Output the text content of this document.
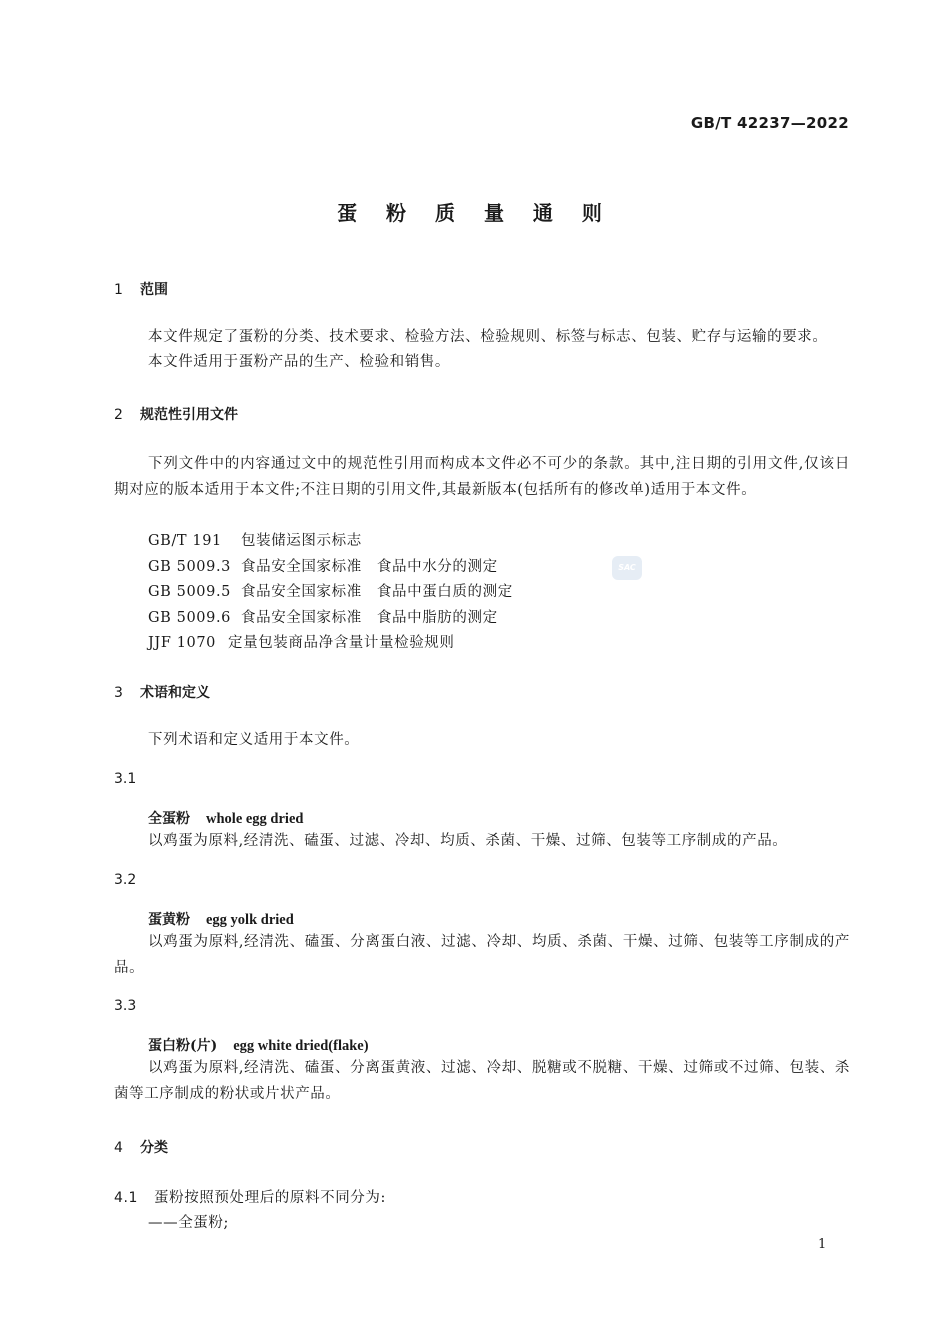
GB/T 42237—2022
蛋 粉 质 量 通 则
1 范围
本文件规定了蛋粉的分类、技术要求、检验方法、检验规则、标签与标志、包装、贮存与运输的要求。
本文件适用于蛋粉产品的生产、检验和销售。
2 规范性引用文件
下列文件中的内容通过文中的规范性引用而构成本文件必不可少的条款。其中,注日期的引用文件,仅该日期对应的版本适用于本文件;不注日期的引用文件,其最新版本(包括所有的修改单)适用于本文件。
GB/T 191 包装储运图示标志
GB 5009.3 食品安全国家标准　食品中水分的测定
GB 5009.5 食品安全国家标准　食品中蛋白质的测定
GB 5009.6 食品安全国家标准　食品中脂肪的测定
JJF 1070 定量包装商品净含量计量检验规则
SAC
3 术语和定义
下列术语和定义适用于本文件。
3.1
全蛋粉 whole egg dried
以鸡蛋为原料,经清洗、磕蛋、过滤、冷却、均质、杀菌、干燥、过筛、包装等工序制成的产品。
3.2
蛋黄粉 egg yolk dried
以鸡蛋为原料,经清洗、磕蛋、分离蛋白液、过滤、冷却、均质、杀菌、干燥、过筛、包装等工序制成的产品。
3.3
蛋白粉(片) egg white dried(flake)
以鸡蛋为原料,经清洗、磕蛋、分离蛋黄液、过滤、冷却、脱糖或不脱糖、干燥、过筛或不过筛、包装、杀菌等工序制成的粉状或片状产品。
4 分类
4.1 蛋粉按照预处理后的原料不同分为:
——全蛋粉;
1
